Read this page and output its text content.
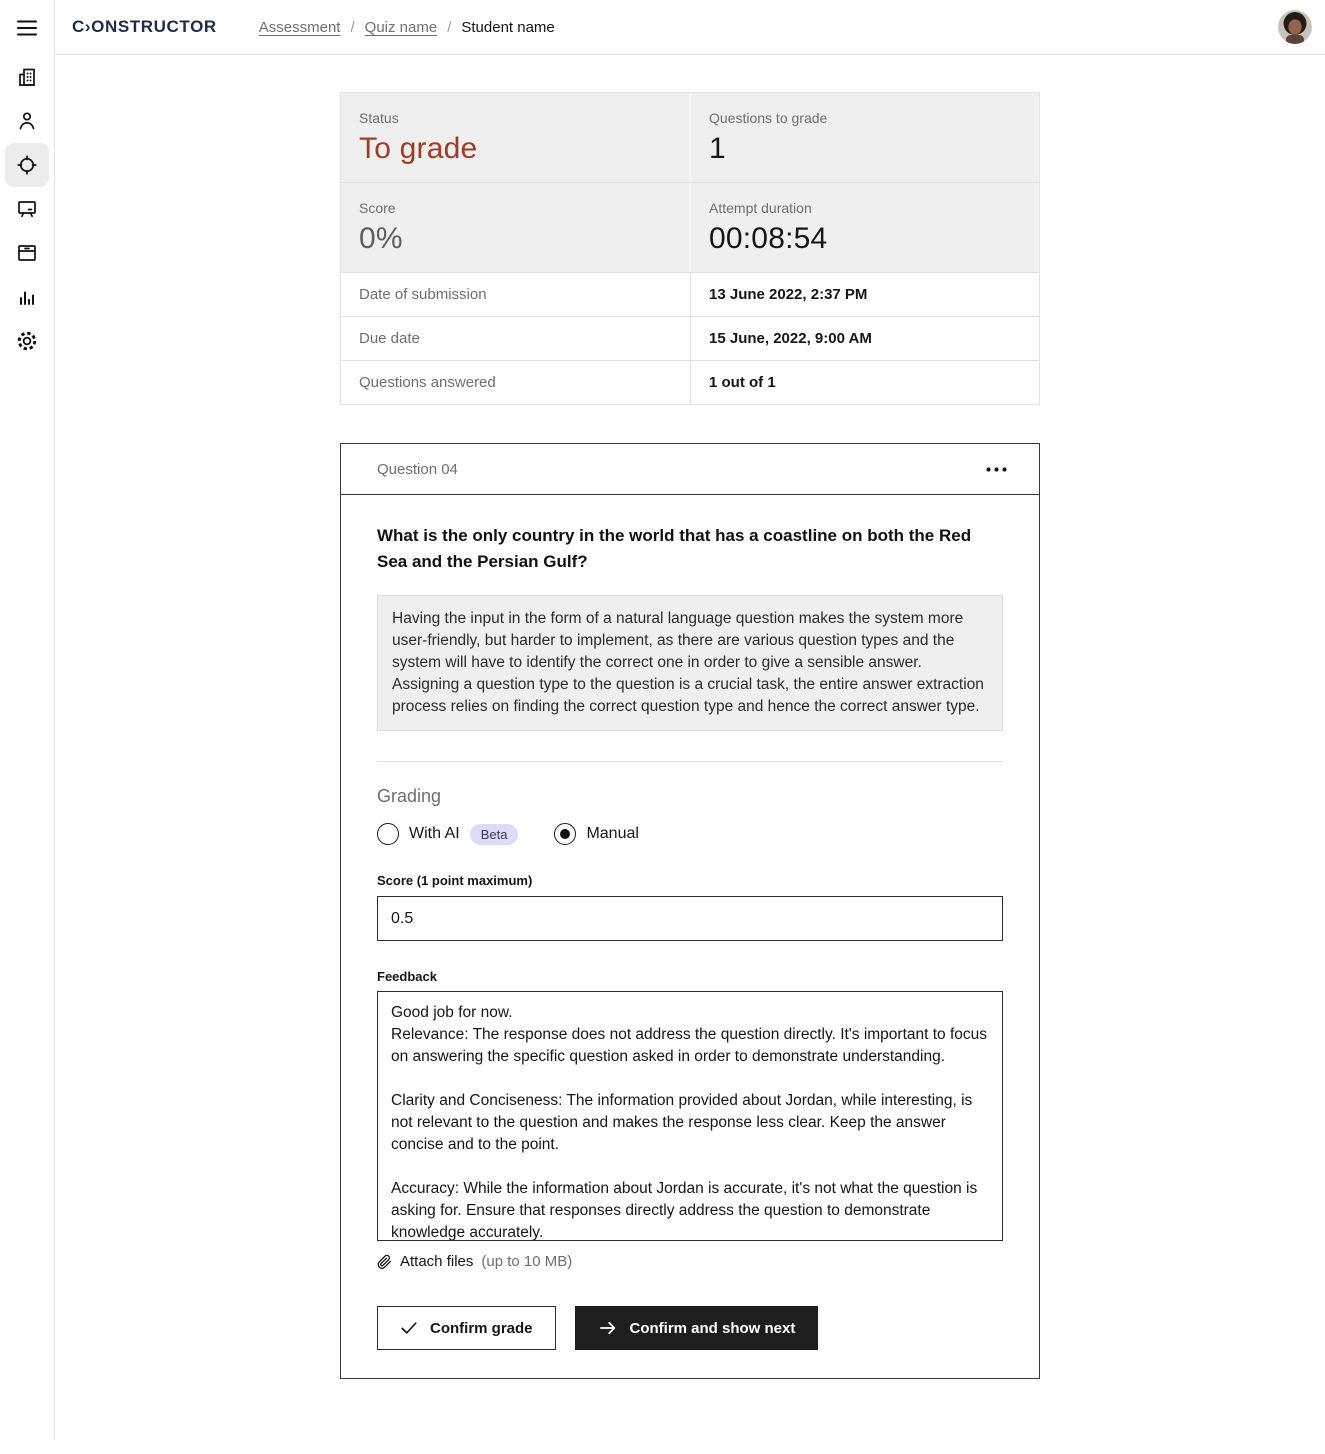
C›ONSTRUCTOR	Assessment / Quiz name / Student name
Status
To grade
Questions to grade
1
Score
0%
Attempt duration
00:08:54
Date of submission	13 June 2022, 2:37 PM
Due date	15 June, 2022, 9:00 AM
Questions answered	1 out of 1
Question 04
What is the only country in the world that has a coastline on both the Red Sea and the Persian Gulf?
Having the input in the form of a natural language question makes the system more user-friendly, but harder to implement, as there are various question types and the system will have to identify the correct one in order to give a sensible answer. Assigning a question type to the question is a crucial task, the entire answer extraction process relies on finding the correct question type and hence the correct answer type.
Grading
With AI	Beta	Manual
Score (1 point maximum)
0.5
Feedback
Good job for now. Relevance: The response does not address the question directly. It's important to focus on answering the specific question asked in order to demonstrate understanding. Clarity and Conciseness: The information provided about Jordan, while interesting, is not relevant to the question and makes the response less clear. Keep the answer concise and to the point. Accuracy: While the information about Jordan is accurate, it's not what the question is asking for. Ensure that responses directly address the question to demonstrate knowledge accurately.
Attach files (up to 10 MB)
Confirm grade	Confirm and show next
